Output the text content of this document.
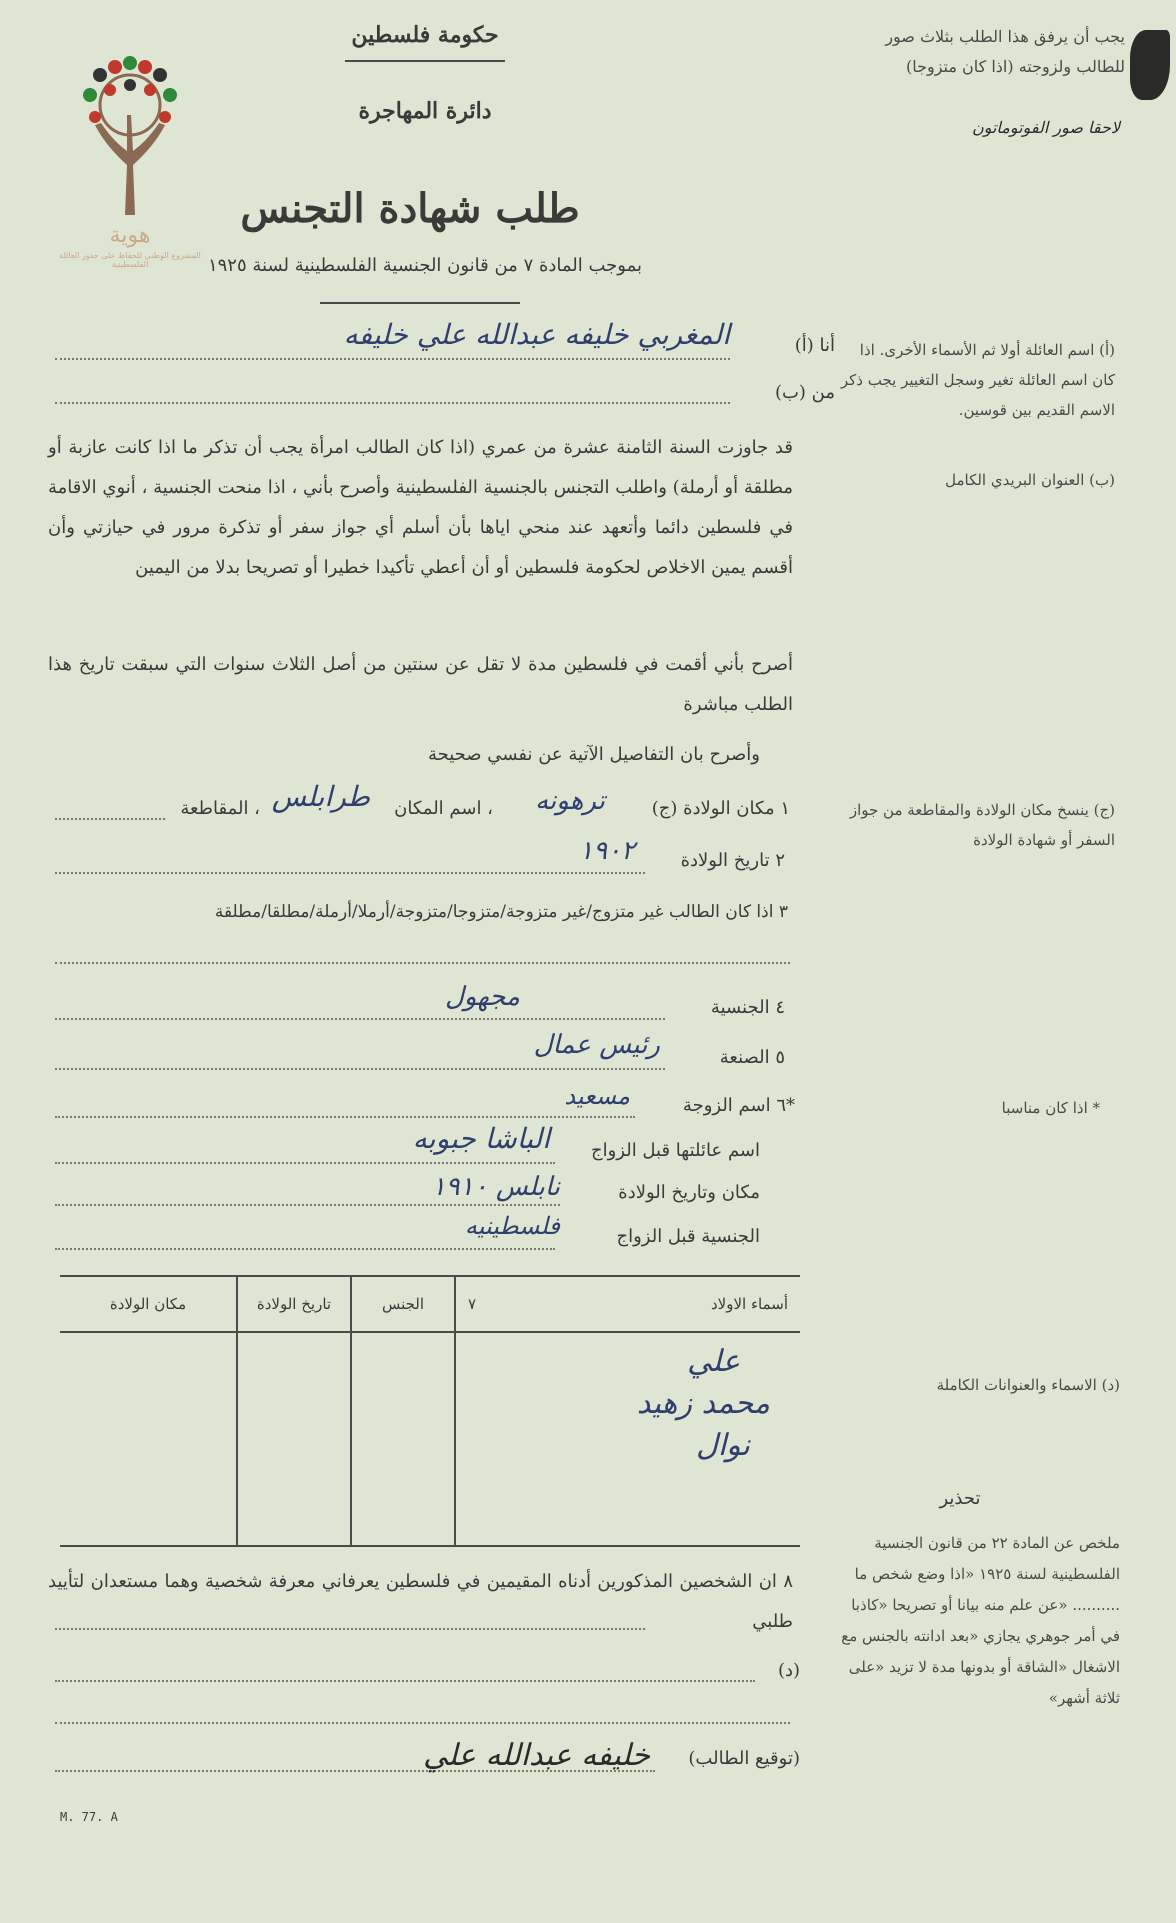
هوية
المشروع الوطني للحفاظ على جذور العائلة الفلسطينية
حكومة فلسطين
دائرة المهاجرة
طلب شهادة التجنس
بموجب المادة ٧ من قانون الجنسية الفلسطينية لسنة ١٩٢٥
يجب أن يرفق هذا الطلب بثلاث صور للطالب ولزوجته (اذا كان متزوجا)
لاحقا صور الفوتوماتون
(أ) اسم العائلة أولا ثم الأسماء الأخرى. اذا كان اسم العائلة تغير وسجل التغيير يجب ذكر الاسم القديم بين قوسين.
(ب) العنوان البريدي الكامل
(ج) ينسخ مكان الولادة والمقاطعة من جواز السفر أو شهادة الولادة
* اذا كان مناسبا
(د) الاسماء والعنوانات الكاملة
تحذير
ملخص عن المادة ٢٢ من قانون الجنسية الفلسطينية لسنة ١٩٢٥ «اذا وضع شخص ما .......... «عن علم منه بيانا أو تصريحا «كاذبا في أمر جوهري يجازي «بعد ادانته بالجنس مع الاشغال «الشاقة أو بدونها مدة لا تزيد «على ثلاثة أشهر»
أنا (أ)
المغربي خليفه عبدالله علي خليفه
من (ب)
قد جاوزت السنة الثامنة عشرة من عمري (اذا كان الطالب امرأة يجب أن تذكر ما اذا كانت عازبة أو مطلقة أو أرملة) واطلب التجنس بالجنسية الفلسطينية وأصرح بأني ، اذا منحت الجنسية ، أنوي الاقامة في فلسطين دائما وأتعهد عند منحي اياها بأن أسلم أي جواز سفر أو تذكرة مرور في حيازتي وأن أقسم يمين الاخلاص لحكومة فلسطين أو أن أعطي تأكيدا خطيرا أو تصريحا بدلا من اليمين
أصرح بأني أقمت في فلسطين مدة لا تقل عن سنتين من أصل الثلاث سنوات التي سبقت تاريخ هذا الطلب مباشرة
وأصرح بان التفاصيل الآتية عن نفسي صحيحة
١ مكان الولادة (ج)
ترهونه
، اسم المكان
طرابلس
، المقاطعة
٢ تاريخ الولادة
١٩٠٢
٣ اذا كان الطالب غير متزوج/غير متزوجة/متزوجا/متزوجة/أرملا/أرملة/مطلقا/مطلقة
٤ الجنسية
مجهول
٥ الصنعة
رئيس عمال
*٦ اسم الزوجة
مسعيد
اسم عائلتها قبل الزواج
الباشا جبوبه
مكان وتاريخ الولادة
نابلس ١٩١٠
الجنسية قبل الزواج
فلسطينيه
٧ أسماء الاولاد	الجنس	تاريخ الولادة	مكان الولادة

علي
محمد زهيد
نوال			

٨ ان الشخصين المذكورين أدناه المقيمين في فلسطين يعرفاني معرفة شخصية وهما مستعدان لتأييد طلبي
(د)
(توقيع الطالب)
خليفه عبدالله علي
M. 77. A
